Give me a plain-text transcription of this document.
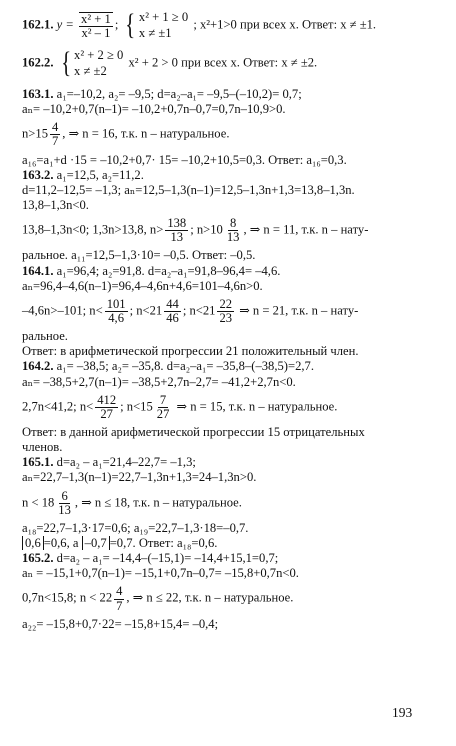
162.1. $y = \frac{\text{x² + 1}}{\text{x² – 1}}$ ; { x² + 1 ≥ 0
x ≠ ±1
; x²+1>0 при всех x. Ответ: x ≠ ±1.
162.2. { x² + 2 ≥ 0
x ≠ ±2
x² + 2 > 0 при всех x. Ответ: x ≠ ±2.
163.1. a₁=–10,2, a₂= –9,5; d=a₂–a₁= –9,5–(–10,2)= 0,7;
aₙ= –10,2+0,7(n–1)= –10,2+0,7n–0,7=0,7n–10,9>0.
$n>15 \frac{4}{7}$ , ⇒ n = 16, т.к. n – натуральное.
a₁₆=a₁+d ·15 = –10,2+0,7· 15= –10,2+10,5=0,3. Ответ: a₁₆=0,3.
163.2. a₁=12,5, a₂=11,2.
d=11,2–12,5= –1,3; aₙ=12,5–1,3(n–1)=12,5–1,3n+1,3=13,8–1,3n.
13,8–1,3n<0.
13,8–1,3n<0; 1,3n>13,8, $n> \frac{138}{13}$ ; $n>10 \frac{8}{13}$ , ⇒ n = 11, т.к. n – нату-
ральное. a₁₁=12,5–1,3·10= –0,5. Ответ: –0,5.
164.1. a₁=96,4; a₂=91,8. d=a₂–a₁=91,8–96,4= –4,6.
aₙ=96,4–4,6(n–1)=96,4–4,6n+4,6=101–4,6n>0.
–4,6n>–101; $n< \frac{101}{4,6}$ ; $n<21 \frac{44}{46}$ ; $n<21 \frac{22}{23}$ ⇒ n = 21, т.к. n – нату-
ральное.
Ответ: в арифметической прогрессии 21 положительный член.
164.2. a₁= –38,5; a₂= –35,8. d=a₂–a₁= –35,8–(–38,5)=2,7.
aₙ= –38,5+2,7(n–1)= –38,5+2,7n–2,7= –41,2+2,7n<0.
2,7n<41,2; $n< \frac{412}{27}$ ; $n<15 \frac{7}{27}$ ⇒ n = 15, т.к. n – натуральное.
Ответ: в данной арифметической прогрессии 15 отрицательных
членов.
165.1. d=a₂ – a₁=21,4–22,7= –1,3;
aₙ=22,7–1,3(n–1)=22,7–1,3n+1,3=24–1,3n>0.
$n < 18 \frac{6}{13}$ , ⇒ n ≤ 18, т.к. n – натуральное.
a₁₈=22,7–1,3·17=0,6; a₁₉=22,7–1,3·18=–0,7.
0,6 =0,6, а –0,7 =0,7. Ответ: a₁₈=0,6.
165.2. d=a₂ – a₁= –14,4–(–15,1)= –14,4+15,1=0,7;
aₙ = –15,1+0,7(n–1)= –15,1+0,7n–0,7= –15,8+0,7n<0.
0,7n<15,8; $n < 22 \frac{4}{7}$ , ⇒ n ≤ 22, т.к. n – натуральное.
a₂₂= –15,8+0,7·22= –15,8+15,4= –0,4;
193
